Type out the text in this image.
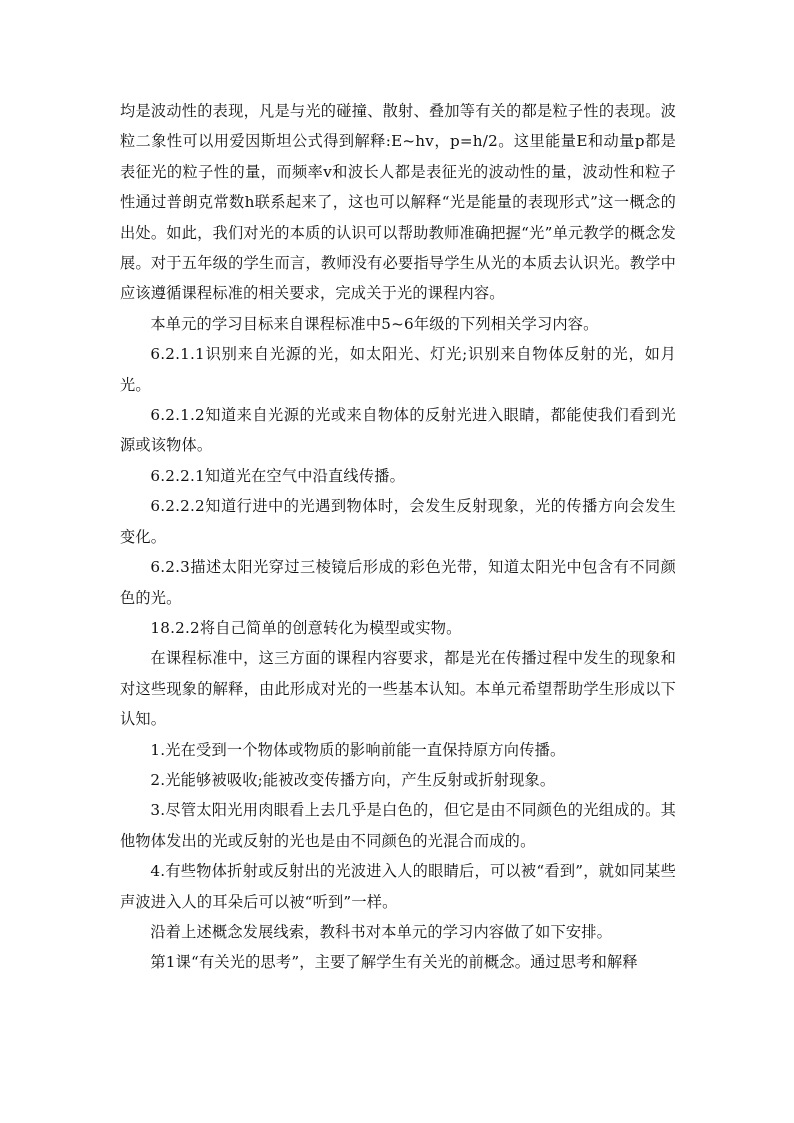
均是波动性的表现，凡是与光的碰撞、散射、叠加等有关的都是粒子性的表现。波粒二象性可以用爱因斯坦公式得到解释:E~hv，p=h/2。这里能量E和动量p都是表征光的粒子性的量，而频率v和波长人都是表征光的波动性的量，波动性和粒子性通过普朗克常数h联系起来了，这也可以解释“光是能量的表现形式”这一概念的出处。如此，我们对光的本质的认识可以帮助教师准确把握“光”单元教学的概念发展。对于五年级的学生而言，教师没有必要指导学生从光的本质去认识光。教学中应该遵循课程标准的相关要求，完成关于光的课程内容。

本单元的学习目标来自课程标准中5~6年级的下列相关学习内容。

6.2.1.1识别来自光源的光，如太阳光、灯光;识别来自物体反射的光，如月光。

6.2.1.2知道来自光源的光或来自物体的反射光进入眼睛，都能使我们看到光源或该物体。

6.2.2.1知道光在空气中沿直线传播。

6.2.2.2知道行进中的光遇到物体时，会发生反射现象，光的传播方向会发生变化。

6.2.3描述太阳光穿过三棱镜后形成的彩色光带，知道太阳光中包含有不同颜色的光。

18.2.2将自己简单的创意转化为模型或实物。

在课程标准中，这三方面的课程内容要求，都是光在传播过程中发生的现象和对这些现象的解释，由此形成对光的一些基本认知。本单元希望帮助学生形成以下认知。

1.光在受到一个物体或物质的影响前能一直保持原方向传播。

2.光能够被吸收;能被改变传播方向，产生反射或折射现象。

3.尽管太阳光用肉眼看上去几乎是白色的，但它是由不同颜色的光组成的。其他物体发出的光或反射的光也是由不同颜色的光混合而成的。

4.有些物体折射或反射出的光波进入人的眼睛后，可以被“看到”，就如同某些声波进入人的耳朵后可以被“听到”一样。

沿着上述概念发展线索，教科书对本单元的学习内容做了如下安排。

第1课“有关光的思考”，主要了解学生有关光的前概念。通过思考和解释
